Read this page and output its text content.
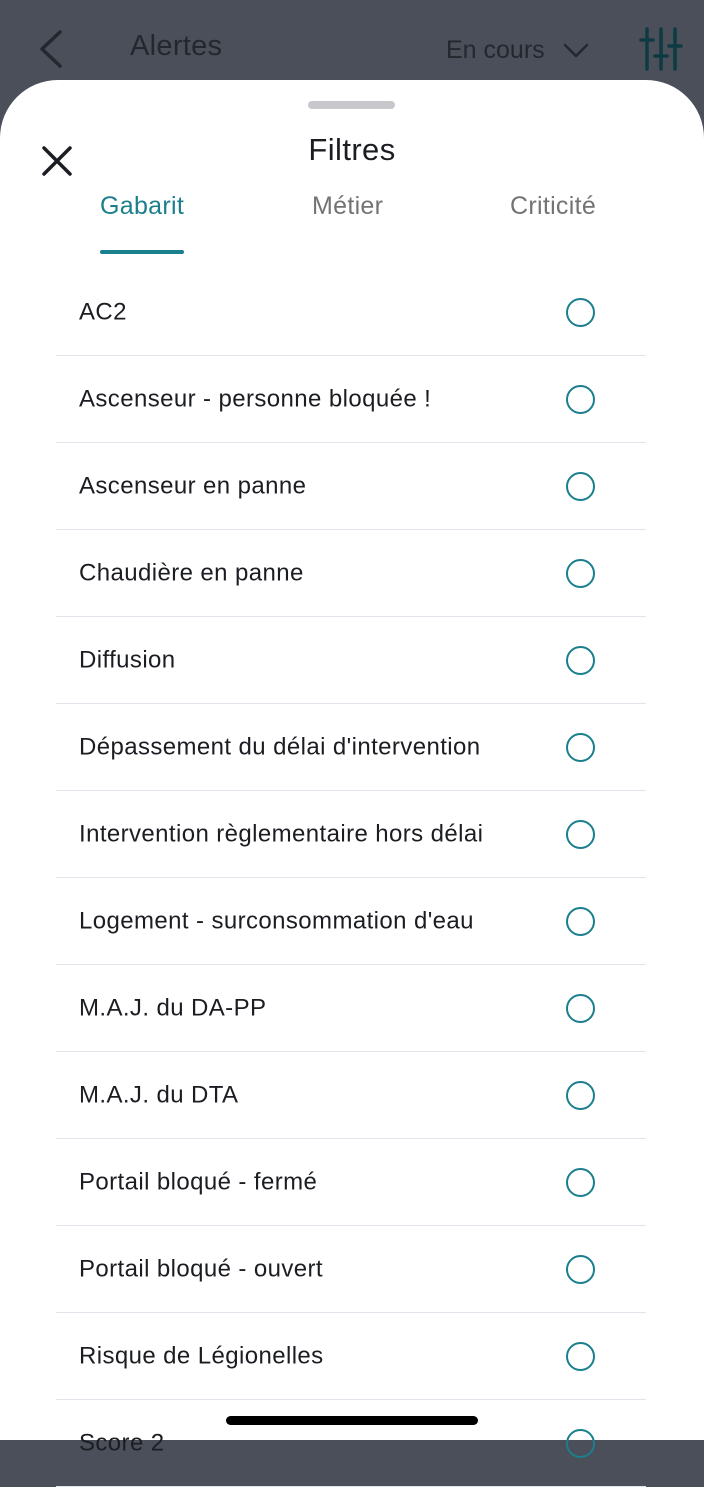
Alertes	En cours
Filtres
Gabarit	Métier	Criticité
AC2
Ascenseur - personne bloquée !
Ascenseur en panne
Chaudière en panne
Diffusion
Dépassement du délai d'intervention
Intervention règlementaire hors délai
Logement - surconsommation d'eau
M.A.J. du DA-PP
M.A.J. du DTA
Portail bloqué - fermé
Portail bloqué - ouvert
Risque de Légionelles
Score 2
